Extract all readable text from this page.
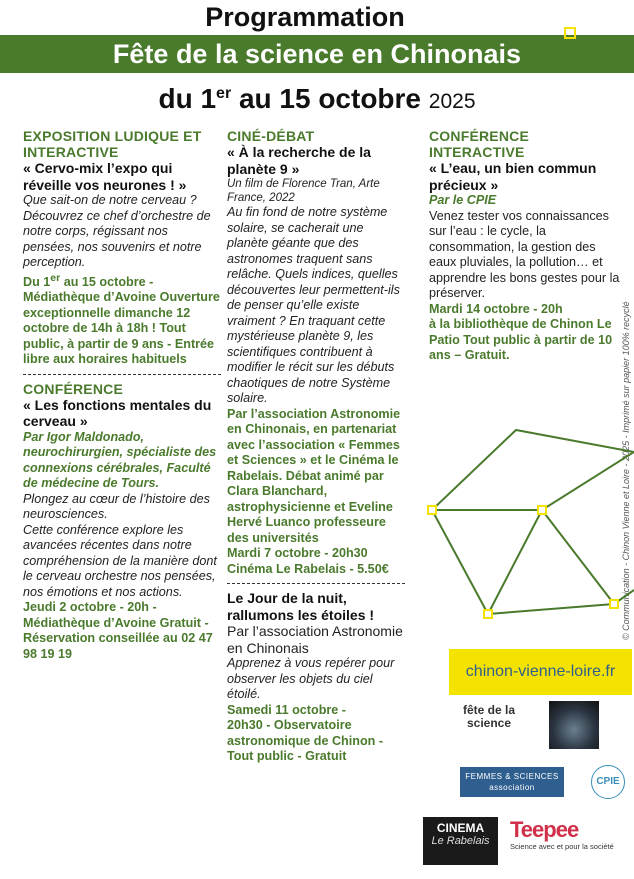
Programmation
Fête de la science en Chinonais
du 1er au 15 octobre 2025
EXPOSITION LUDIQUE ET INTERACTIVE
« Cervo-mix l’expo qui réveille vos neurones ! »

Que sait-on de notre cerveau ? Découvrez ce chef d’orchestre de notre corps, régissant nos pensées, nos souvenirs et notre perception.

Du 1er au 15 octobre -

Médiathèque d’Avoine Ouverture exceptionnelle dimanche 12 octobre de 14h à 18h ! Tout public, à partir de 9 ans - Entrée libre aux horaires habituels

CONFÉRENCE
« Les fonctions mentales du cerveau »

Par Igor Maldonado, neurochirurgien, spécialiste des connexions cérébrales, Faculté de médecine de Tours.

Plongez au cœur de l’histoire des neurosciences.

Cette conférence explore les avancées récentes dans notre compréhension de la manière dont le cerveau orchestre nos pensées, nos émotions et nos actions.

Jeudi 2 octobre - 20h -

Médiathèque d’Avoine Gratuit - Réservation conseillée au 02 47 98 19 19

CINÉ-DÉBAT
« À la recherche de la planète 9 »

Un film de Florence Tran, Arte France, 2022

Au fin fond de notre système solaire, se cacherait une planète géante que des astronomes traquent sans relâche. Quels indices, quelles découvertes leur permettent-ils de penser qu’elle existe vraiment ? En traquant cette mystérieuse planète 9, les scientifiques contribuent à modifier le récit sur les débuts chaotiques de notre Système solaire.

Par l’association Astronomie en Chinonais, en partenariat avec l’association « Femmes et Sciences » et le Cinéma le Rabelais. Débat animé par Clara Blanchard, astrophysicienne et Eveline Hervé Luanco professeure des universités

Mardi 7 octobre - 20h30

Cinéma Le Rabelais - 5.50€

Le Jour de la nuit, rallumons les étoiles !

Par l’association Astronomie en Chinonais

Apprenez à vous repérer pour observer les objets du ciel étoilé.

Samedi 11 octobre -

20h30 - Observatoire astronomique de Chinon - Tout public - Gratuit

CONFÉRENCE INTERACTIVE
« L’eau, un bien commun précieux »

Par le CPIE

Venez tester vos connaissances sur l’eau : le cycle, la consommation, la gestion des eaux pluviales, la pollution… et apprendre les bons gestes pour la préserver.

Mardi 14 octobre - 20h

à la bibliothèque de Chinon Le Patio Tout public à partir de 10 ans – Gratuit.	© Communication - Chinon Vienne et Loire - 2025 - Imprimé sur papier 100% recyclé
chinon-vienne-loire.fr
fête de la science
FEMMES & SCIENCES association
CPIE
CINEMA
Le Rabelais Teepee
Science avec et pour la société
